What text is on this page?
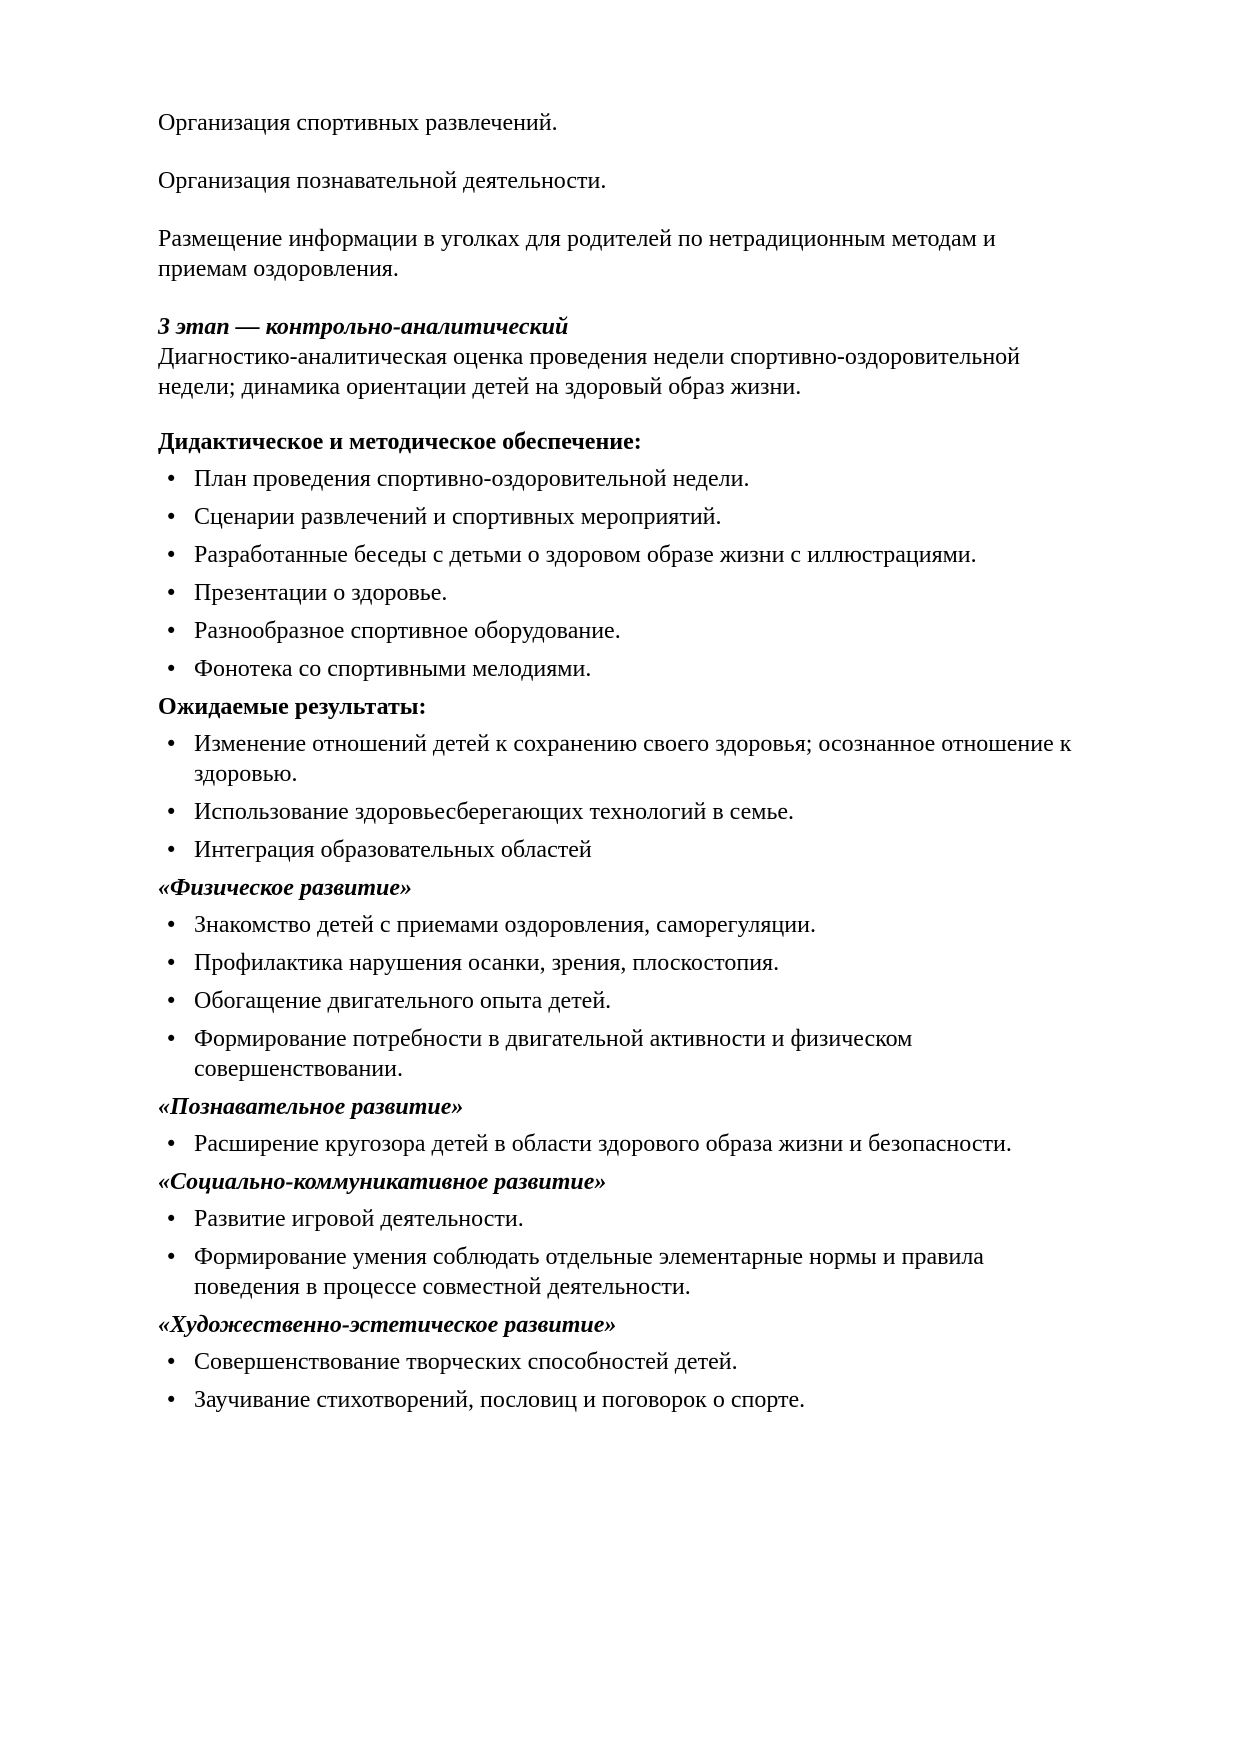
Организация спортивных развлечений.

Организация познавательной деятельности.

Размещение информации в уголках для родителей по нетрадиционным методам и приемам оздоровления.

3 этап — контрольно-аналитический

Диагностико-аналитическая оценка проведения недели спортивно-оздоровительной недели; динамика ориентации детей на здоровый образ жизни.

Дидактическое и методическое обеспечение:

• План проведения спортивно-оздоровительной недели.
• Сценарии развлечений и спортивных мероприятий.
• Разработанные беседы с детьми о здоровом образе жизни с иллюстрациями.
• Презентации о здоровье.
• Разнообразное спортивное оборудование.
• Фонотека со спортивными мелодиями.

Ожидаемые результаты:

• Изменение отношений детей к сохранению своего здоровья; осознанное отношение к здоровью.
• Использование здоровьесберегающих технологий в семье.
• Интеграция образовательных областей

«Физическое развитие»

• Знакомство детей с приемами оздоровления, саморегуляции.
• Профилактика нарушения осанки, зрения, плоскостопия.
• Обогащение двигательного опыта детей.
• Формирование потребности в двигательной активности и физическом совершенствовании.

«Познавательное развитие»

• Расширение кругозора детей в области здорового образа жизни и безопасности.

«Социально-коммуникативное развитие»

• Развитие игровой деятельности.
• Формирование умения соблюдать отдельные элементарные нормы и правила поведения в процессе совместной деятельности.

«Художественно-эстетическое развитие»

• Совершенствование творческих способностей детей.
• Заучивание стихотворений, пословиц и поговорок о спорте.
